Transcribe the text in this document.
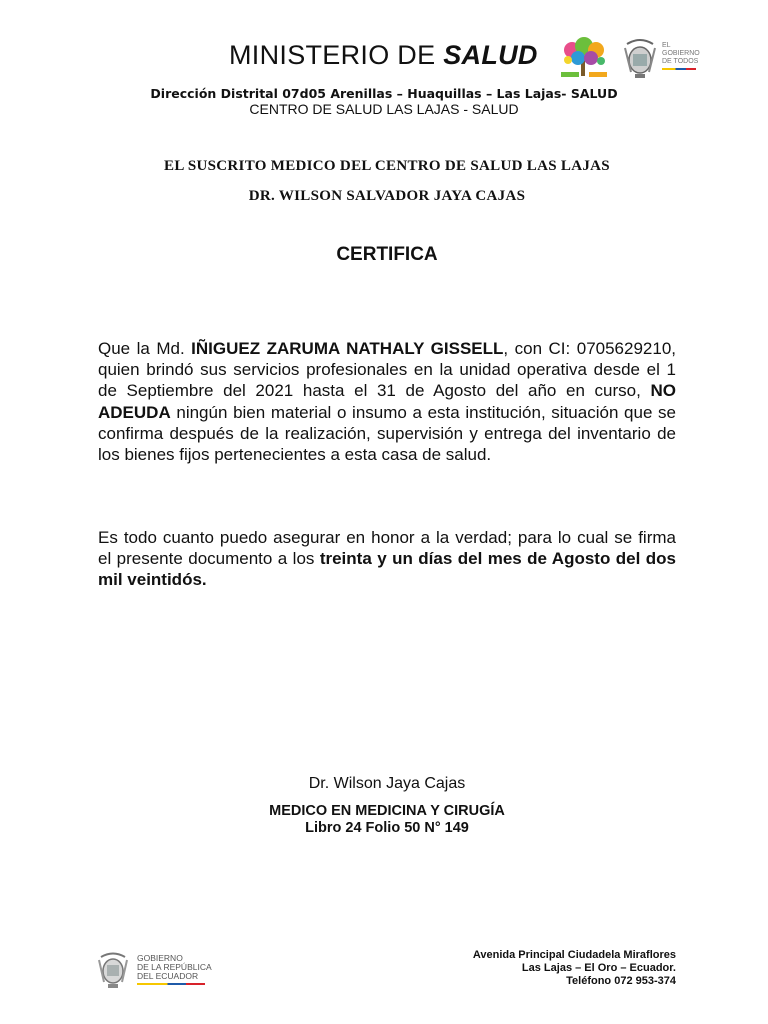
MINISTERIO DE SALUD	EL
GOBIERNO
DE TODOS
Dirección Distrital 07d05 Arenillas – Huaquillas – Las Lajas- SALUD
CENTRO DE SALUD LAS LAJAS - SALUD
EL SUSCRITO MEDICO DEL CENTRO DE SALUD LAS LAJAS
DR. WILSON SALVADOR JAYA CAJAS
CERTIFICA
Que la Md. IÑIGUEZ ZARUMA NATHALY GISSELL, con CI: 0705629210, quien brindó sus servicios profesionales en la unidad operativa desde el 1 de Septiembre del 2021 hasta el 31 de Agosto del año en curso, NO ADEUDA ningún bien material o insumo a esta institución, situación que se confirma después de la realización, supervisión y entrega del inventario de los bienes fijos pertenecientes a esta casa de salud.
Es todo cuanto puedo asegurar en honor a la verdad; para lo cual se firma el presente documento a los treinta y un días del mes de Agosto del dos mil veintidós.
Dr. Wilson Jaya Cajas
MEDICO EN MEDICINA Y CIRUGÍA
Libro 24 Folio 50 N° 149
GOBIERNO
DE LA REPÚBLICA
DEL ECUADOR
Avenida Principal Ciudadela Miraflores
Las Lajas – El Oro – Ecuador.
Teléfono 072 953-374
